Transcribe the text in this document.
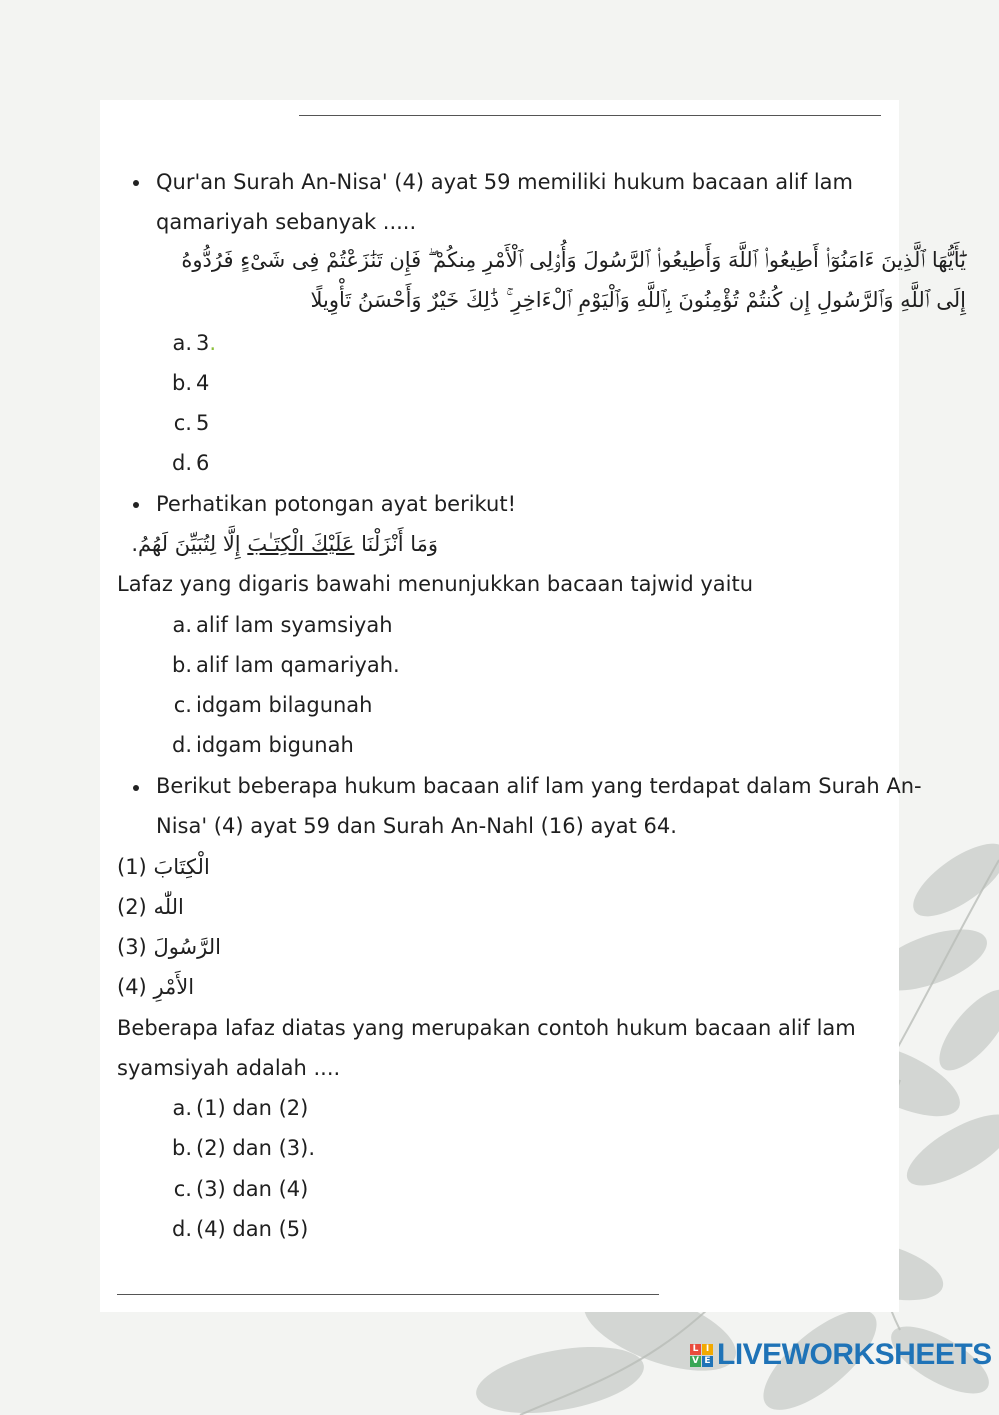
Qur'an Surah An-Nisa' (4) ayat 59 memiliki hukum bacaan alif lam
qamariyah sebanyak .....
يَٰٓأَيُّهَا ٱلَّذِينَ ءَامَنُوٓا۟ أَطِيعُوا۟ ٱللَّهَ وَأَطِيعُوا۟ ٱلرَّسُولَ وَأُو۟لِى ٱلْأَمْرِ مِنكُمْ ۖ فَإِن تَنَٰزَعْتُمْ فِى شَىْءٍ فَرُدُّوهُ
إِلَى ٱللَّهِ وَٱلرَّسُولِ إِن كُنتُمْ تُؤْمِنُونَ بِٱللَّهِ وَٱلْيَوْمِ ٱلْءَاخِرِ ۚ ذَٰلِكَ خَيْرٌ وَأَحْسَنُ تَأْوِيلًا
a. 3.
b. 4
c. 5
d. 6
Perhatikan potongan ayat berikut!
وَمَا أَنْزَلْنَا عَلَيْكَ الْكِتَـٰبَ إِلَّا لِتُبَيِّنَ لَهُمُ.
Lafaz yang digaris bawahi menunjukkan bacaan tajwid yaitu
a. alif lam syamsiyah
b. alif lam qamariyah.
c. idgam bilagunah
d. idgam bigunah
Berikut beberapa hukum bacaan alif lam yang terdapat dalam Surah An-
Nisa' (4) ayat 59 dan Surah An-Nahl (16) ayat 64.
(1) الْكِتَابَ
(2) اللّٰه
(3) الرَّسُولَ
(4) الأَمْرِ
Beberapa lafaz diatas yang merupakan contoh hukum bacaan alif lam
syamsiyah adalah ....
a. (1) dan (2)
b. (2) dan (3).
c. (3) dan (4)
d. (4) dan (5)
L I
V E LIVEWORKSHEETS
